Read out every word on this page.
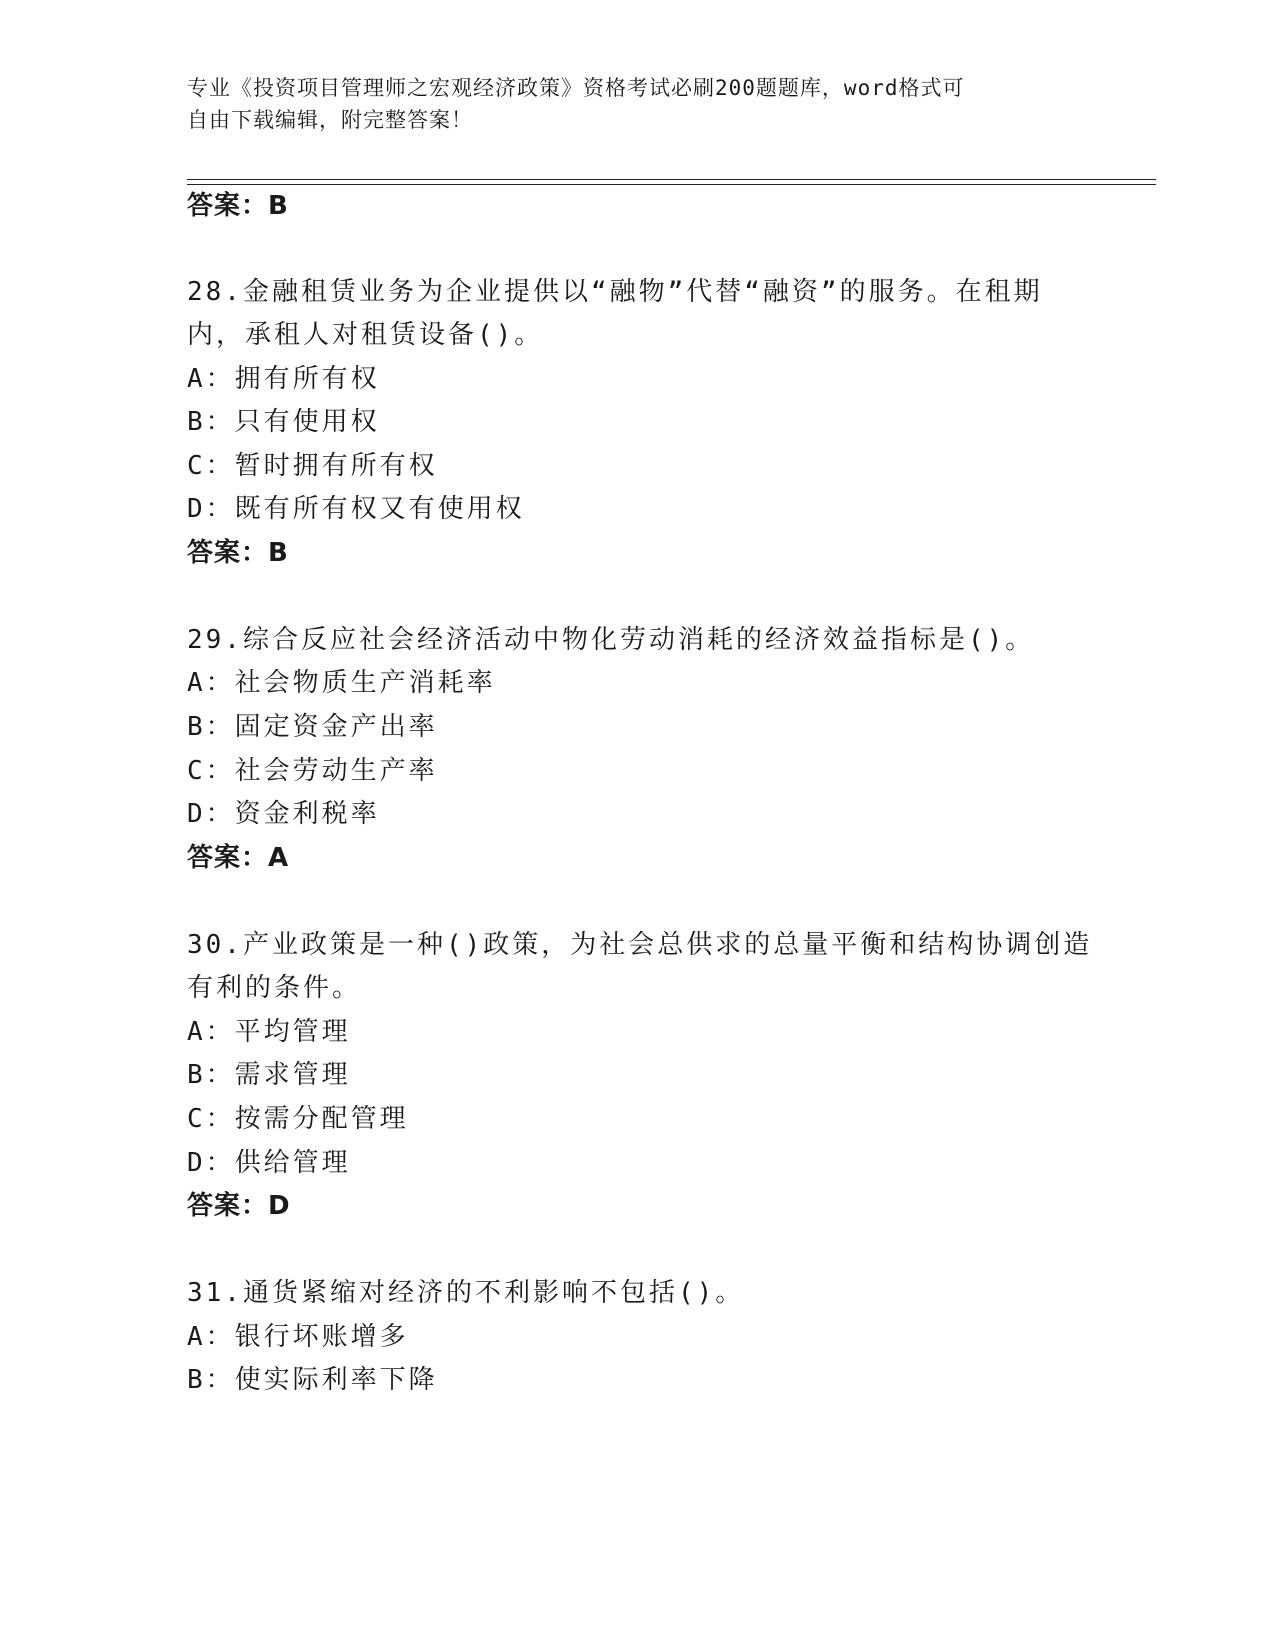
专业《投资项目管理师之宏观经济政策》资格考试必刷200题题库，word格式可
自由下载编辑，附完整答案！
答案：B
28.金融租赁业务为企业提供以“融物”代替“融资”的服务。在租期
内，承租人对租赁设备()。
A：拥有所有权
B：只有使用权
C：暂时拥有所有权
D：既有所有权又有使用权
答案：B
29.综合反应社会经济活动中物化劳动消耗的经济效益指标是()。
A：社会物质生产消耗率
B：固定资金产出率
C：社会劳动生产率
D：资金利税率
答案：A
30.产业政策是一种()政策，为社会总供求的总量平衡和结构协调创造
有利的条件。
A：平均管理
B：需求管理
C：按需分配管理
D：供给管理
答案：D
31.通货紧缩对经济的不利影响不包括()。
A：银行坏账增多
B：使实际利率下降
